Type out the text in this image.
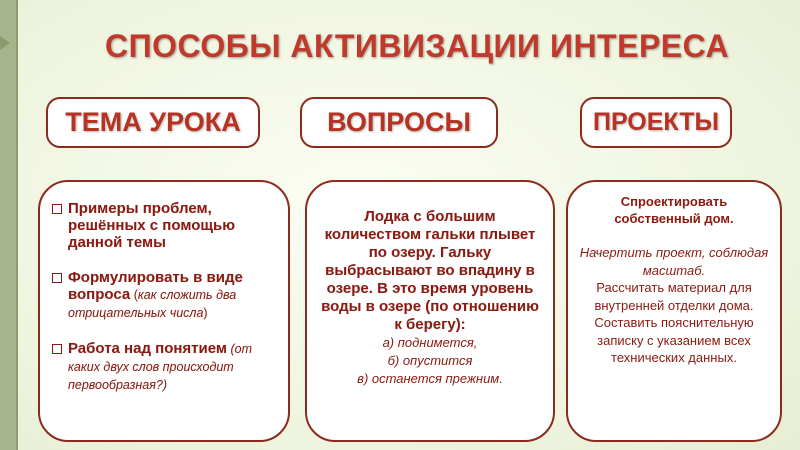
СПОСОБЫ АКТИВИЗАЦИИ ИНТЕРЕСА
ТЕМА УРОКА	ВОПРОСЫ	ПРОЕКТЫ
Примеры проблем, решённых с помощью данной темы
Формулировать в виде вопроса (как сложить два отрицательных числа)
Работа над понятием (от каких двух слов происходит первообразная?)
Лодка с большим количеством гальки плывет по озеру. Гальку выбрасывают во впадину в озере. В это время уровень воды в озере (по отношению к берегу):
а) поднимется,
б) опустится
в) останется прежним.
Спроектировать собственный дом.
Начертить проект, соблюдая масштаб.
Рассчитать материал для внутренней отделки дома. Составить пояснительную записку с указанием всех технических данных.
